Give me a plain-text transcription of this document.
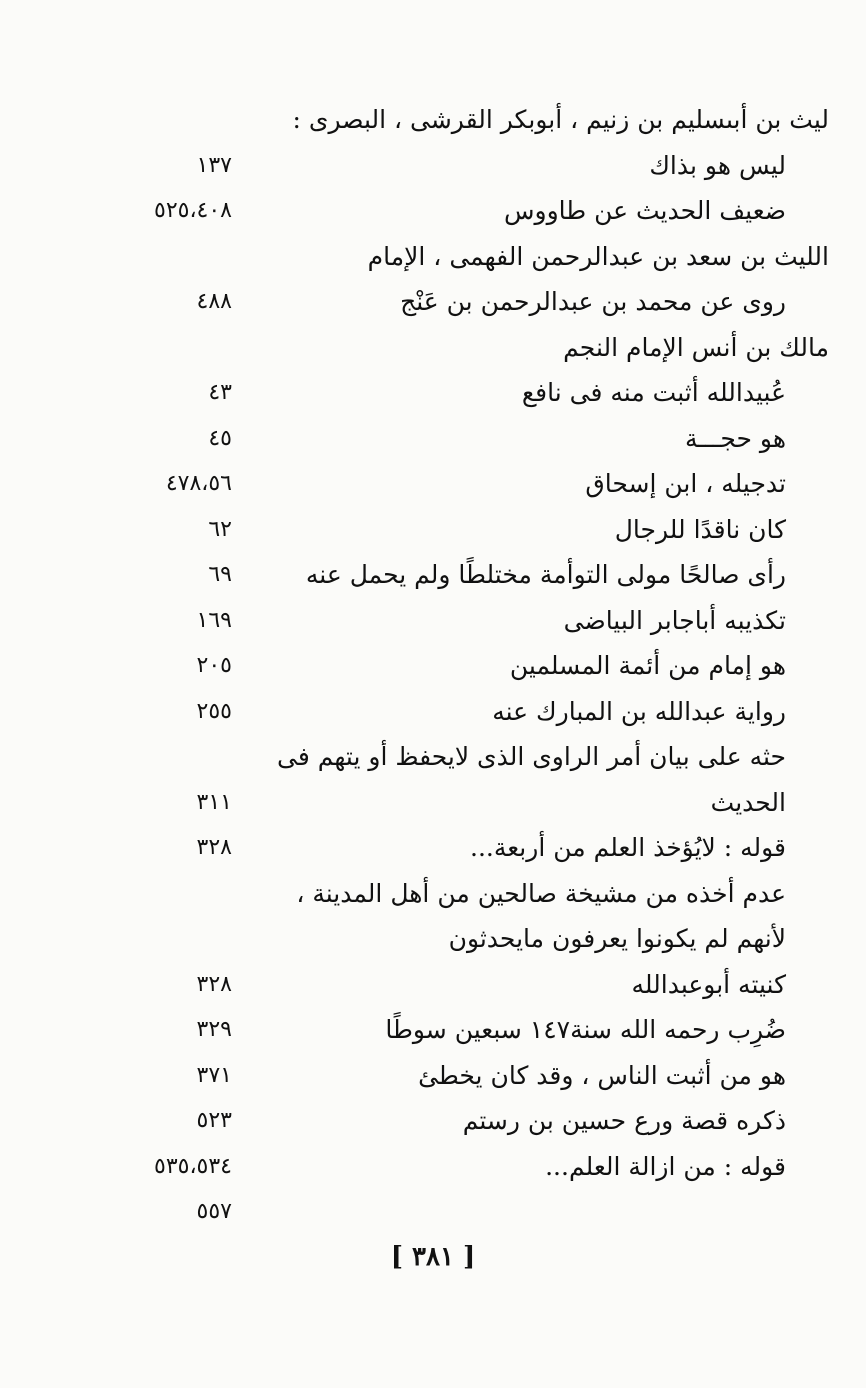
ليث بن أبىسليم بن زنيم ، أبوبكر القرشى ، البصرى :
ليس هو بذاك
١٣٧
ضعيف الحديث عن طاووس
٥٢٥،٤٠٨
الليث بن سعد بن عبدالرحمن الفهمى ، الإمام
روى عن محمد بن عبدالرحمن بن عَنْج
٤٨٨
مالك بن أنس الإمام النجم
عُبيدالله أثبت منه فى نافع
٤٣
هو حجـــة
٤٥
تدجيله ، ابن إسحاق
٤٧٨،٥٦
كان ناقدًا للرجال
٦٢
رأى صالحًا مولى التوأمة مختلطًا ولم يحمل عنه
٦٩
تكذيبه أباجابر البياضى
١٦٩
هو إمام من أئمة المسلمين
٢٠٥
رواية عبدالله بن المبارك عنه
٢٥٥
حثه على بيان أمر الراوى الذى لايحفظ أو يتهم فى
الحديث
٣١١
قوله : لايُؤخذ العلم من أربعة...
٣٢٨
عدم أخذه من مشيخة صالحين من أهل المدينة ،
لأنهم لم يكونوا يعرفون مايحدثون
كنيته أبوعبدالله
٣٢٨
ضُرِب رحمه الله سنة١٤٧ سبعين سوطًا
٣٢٩
هو من أثبت الناس ، وقد كان يخطئ
٣٧١
ذكره قصة ورع حسين بن رستم
٥٢٣
قوله : من ازالة العلم...
٥٣٥،٥٣٤
٥٥٧
[ ٣٨١ ]
